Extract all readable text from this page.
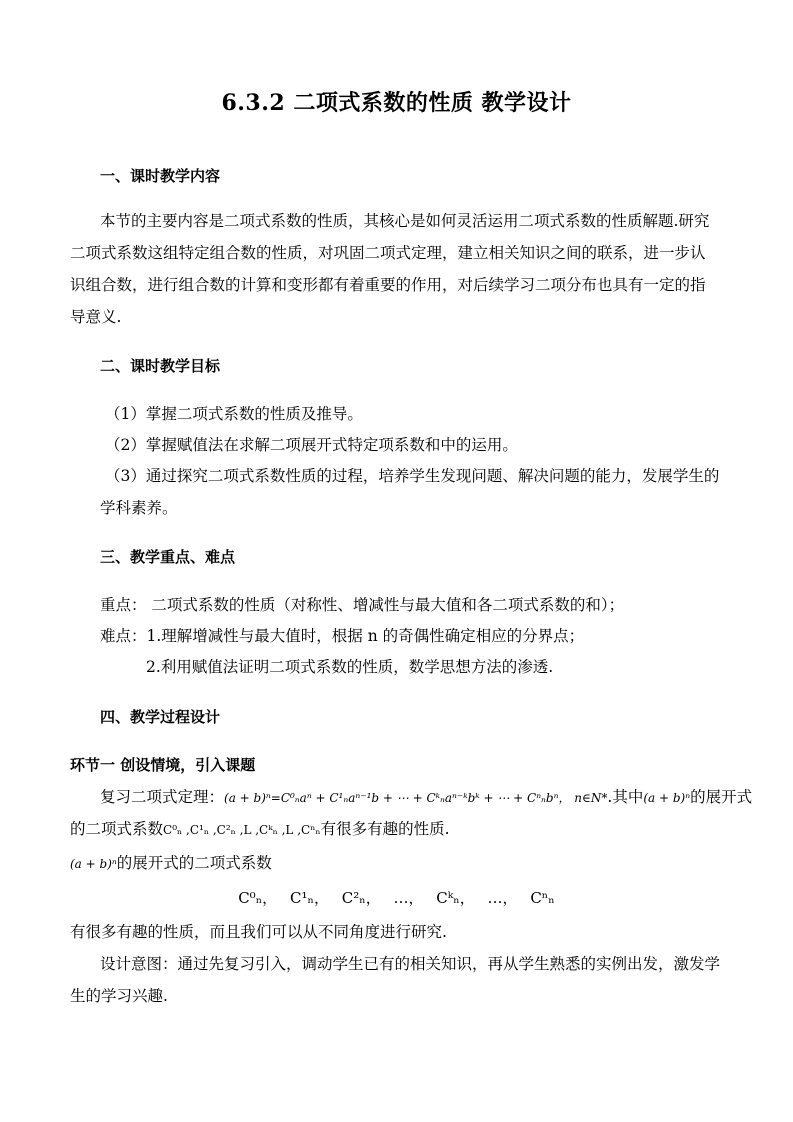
6.3.2 二项式系数的性质 教学设计
一、课时教学内容
本节的主要内容是二项式系数的性质，其核心是如何灵活运用二项式系数的性质解题.研究
二项式系数这组特定组合数的性质，对巩固二项式定理，建立相关知识之间的联系，进一步认
识组合数，进行组合数的计算和变形都有着重要的作用，对后续学习二项分布也具有一定的指
导意义.
二、课时教学目标
（1）掌握二项式系数的性质及推导。
（2）掌握赋值法在求解二项展开式特定项系数和中的运用。
（3）通过探究二项式系数性质的过程，培养学生发现问题、解决问题的能力，发展学生的
学科素养。
三、教学重点、难点
重点： 二项式系数的性质（对称性、增减性与最大值和各二项式系数的和）；
难点：1.理解增减性与最大值时，根据 n 的奇偶性确定相应的分界点；
2.利用赋值法证明二项式系数的性质，数学思想方法的渗透.
四、教学过程设计
环节一 创设情境，引入课题
复习二项式定理：(a + b)ⁿ=C⁰ₙaⁿ + C¹ₙaⁿ⁻¹b + ⋯ + Cᵏₙaⁿ⁻ᵏbᵏ + ⋯ + Cⁿₙbⁿ， n∈N*.其中(a + b)ⁿ的展开式
的二项式系数C⁰ₙ ,C¹ₙ ,C²ₙ ,L ,Cᵏₙ ,L ,Cⁿₙ有很多有趣的性质.
(a + b)ⁿ的展开式的二项式系数
C⁰ₙ， C¹ₙ， C²ₙ， …， Cᵏₙ， …， Cⁿₙ
有很多有趣的性质，而且我们可以从不同角度进行研究.
设计意图：通过先复习引入，调动学生已有的相关知识，再从学生熟悉的实例出发，激发学
生的学习兴趣.
